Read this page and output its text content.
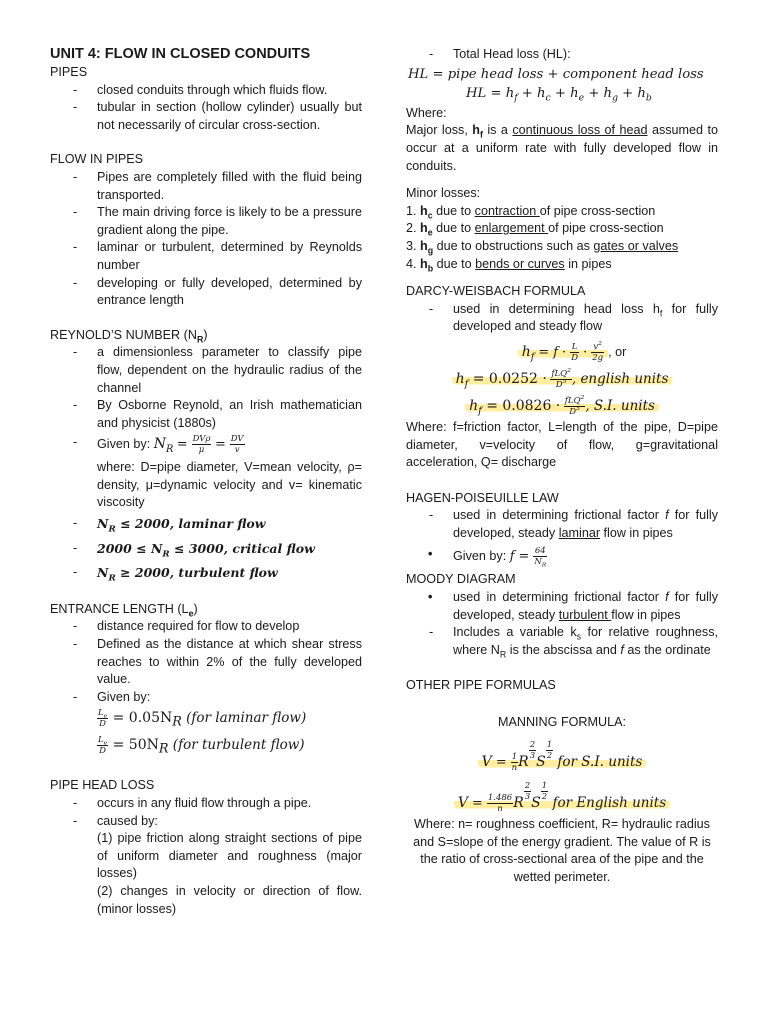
UNIT 4: FLOW IN CLOSED CONDUITS
PIPES
- closed conduits through which fluids flow.
- tubular in section (hollow cylinder) usually but not necessarily of circular cross-section.
FLOW IN PIPES
- Pipes are completely filled with the fluid being transported.
- The main driving force is likely to be a pressure gradient along the pipe.
- laminar or turbulent, determined by Reynolds number
- developing or fully developed, determined by entrance length
REYNOLD’S NUMBER $(N_R)$
- a dimensionless parameter to classify pipe flow, dependent on the hydraulic radius of the channel
- By Osborne Reynold, an Irish mathematician and physicist (1880s)
- Given by: $N_R = \frac{\text{DVρ}}{\mu} = \frac{DV}{v}$
where: D=pipe diameter, V=mean velocity, ρ= density, μ=dynamic velocity and v= kinematic viscosity
- $N_R \le 2000$, laminar flow
- $2000 \le N_R \le 3000$, critical flow
- $N_R \ge 2000$, turbulent flow
ENTRANCE LENGTH $(L_e)$
- distance required for flow to develop
- Defined as the distance at which shear stress reaches to within 2% of the fully developed value.
- Given by:
$\frac{L_e}{D} = 0.05N_R$ (for laminar flow)
$\frac{L_e}{D} = 50N_R$ (for turbulent flow)
PIPE HEAD LOSS
- occurs in any fluid flow through a pipe.
- caused by:
(1) pipe friction along straight sections of pipe of uniform diameter and roughness (major losses)
(2) changes in velocity or direction of flow. (minor losses)
- Total Head loss (HL):
HL = pipe head loss + component head loss
HL = $h_f + h_c + h_e + h_g + h_b$
Where:
Major loss, $h_f$ is a continuous loss of head assumed to occur at a uniform rate with fully developed flow in conduits.
Minor losses:
1. $h_c$ due to contraction of pipe cross-section
2. $h_e$ due to enlargement of pipe cross-section
3. $h_g$ due to obstructions such as gates or valves
4. $h_b$ due to bends or curves in pipes
DARCY-WEISBACH FORMULA
- used in determining head loss $h_f$ for fully developed and steady flow
$h_f = f \cdot \frac{L}{D} \cdot \frac{v^2}{2g}$ , or
$h_f = 0.0252 \cdot \frac{fLQ^2}{D^5}$ , english units
$h_f = 0.0826 \cdot \frac{fLQ^2}{D^5}$ , S.I. units
Where: f=friction factor, L=length of the pipe, D=pipe diameter, v=velocity of flow, g=gravitational acceleration, Q= discharge
HAGEN-POISEUILLE LAW
- used in determining frictional factor f for fully developed, steady laminar flow in pipes
• Given by: $f = \frac{64}{N_R}$
MOODY DIAGRAM
• used in determining frictional factor f for fully developed, steady turbulent flow in pipes
- Includes a variable $k_s$ for relative roughness, where $N_R$ is the abscissa and f as the ordinate
OTHER PIPE FORMULAS
MANNING FORMULA:
$V = \frac{1}{n}$ R
$\frac{2}{3}$
S
$\frac{1}{2}$
for S.I. units
$V = \frac{1.486}{n}$ R
$\frac{2}{3}$
S
$\frac{1}{2}$
for English units
Where: n= roughness coefficient, R= hydraulic radius and S=slope of the energy gradient. The value of R is the ratio of cross-sectional area of the pipe and the wetted perimeter.
